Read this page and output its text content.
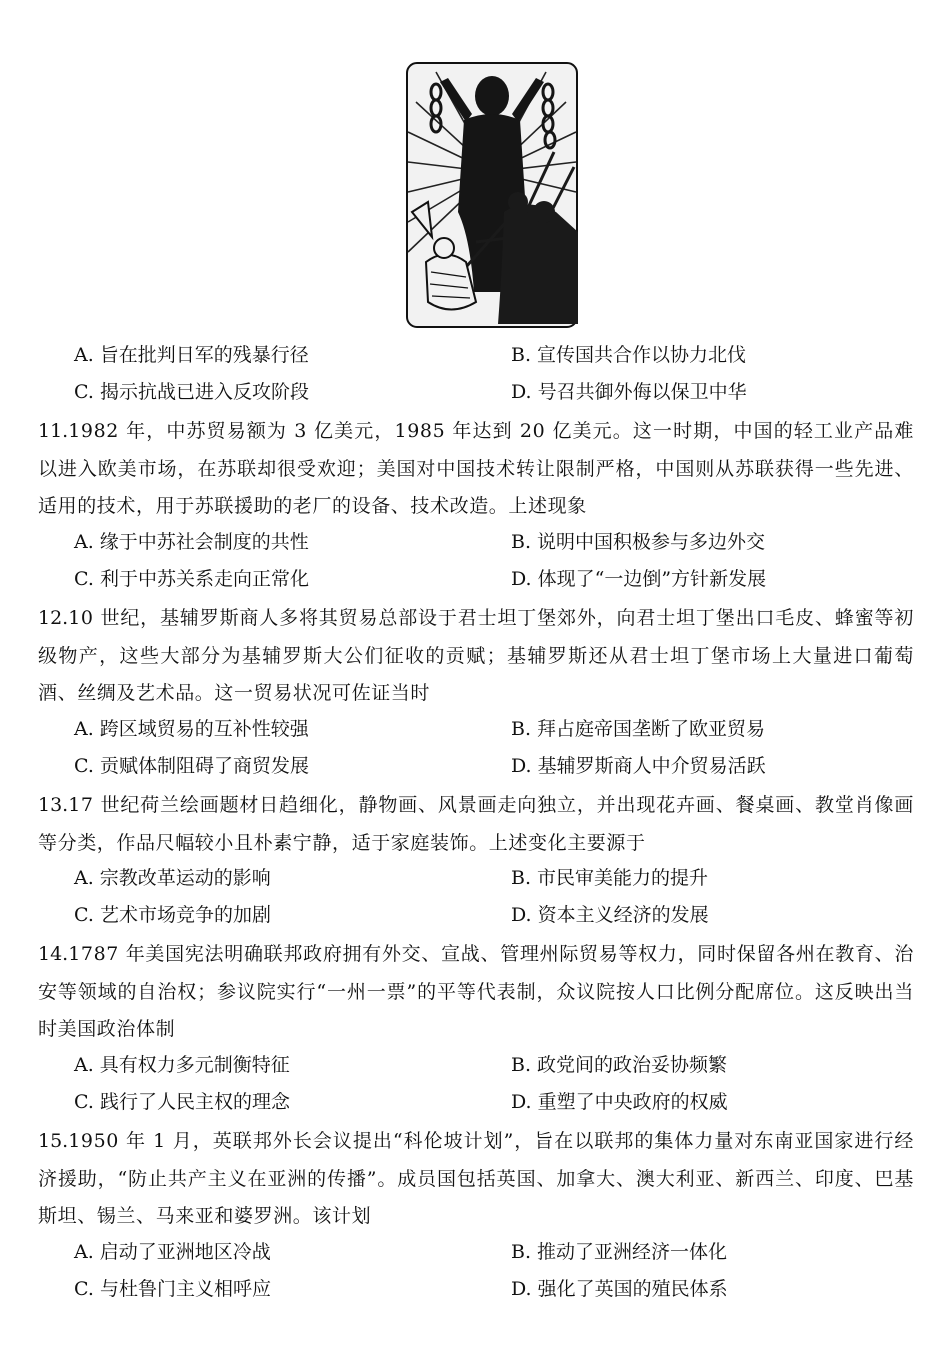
A. 旨在批判日军的残暴行径	B. 宣传国共合作以协力北伐
C. 揭示抗战已进入反攻阶段	D. 号召共御外侮以保卫中华
11.1982 年，中苏贸易额为 3 亿美元，1985 年达到 20 亿美元。这一时期，中国的轻工业产品难以进入欧美市场，在苏联却很受欢迎；美国对中国技术转让限制严格，中国则从苏联获得一些先进、适用的技术，用于苏联援助的老厂的设备、技术改造。上述现象
A. 缘于中苏社会制度的共性	B. 说明中国积极参与多边外交
C. 利于中苏关系走向正常化	D. 体现了“一边倒”方针新发展
12.10 世纪，基辅罗斯商人多将其贸易总部设于君士坦丁堡郊外，向君士坦丁堡出口毛皮、蜂蜜等初级物产，这些大部分为基辅罗斯大公们征收的贡赋；基辅罗斯还从君士坦丁堡市场上大量进口葡萄酒、丝绸及艺术品。这一贸易状况可佐证当时
A. 跨区域贸易的互补性较强	B. 拜占庭帝国垄断了欧亚贸易
C. 贡赋体制阻碍了商贸发展	D. 基辅罗斯商人中介贸易活跃
13.17 世纪荷兰绘画题材日趋细化，静物画、风景画走向独立，并出现花卉画、餐桌画、教堂肖像画等分类，作品尺幅较小且朴素宁静，适于家庭装饰。上述变化主要源于
A. 宗教改革运动的影响	B. 市民审美能力的提升
C. 艺术市场竞争的加剧	D. 资本主义经济的发展
14.1787 年美国宪法明确联邦政府拥有外交、宣战、管理州际贸易等权力，同时保留各州在教育、治安等领域的自治权；参议院实行“一州一票”的平等代表制，众议院按人口比例分配席位。这反映出当时美国政治体制
A. 具有权力多元制衡特征	B. 政党间的政治妥协频繁
C. 践行了人民主权的理念	D. 重塑了中央政府的权威
15.1950 年 1 月，英联邦外长会议提出“科伦坡计划”，旨在以联邦的集体力量对东南亚国家进行经济援助，“防止共产主义在亚洲的传播”。成员国包括英国、加拿大、澳大利亚、新西兰、印度、巴基斯坦、锡兰、马来亚和婆罗洲。该计划
A. 启动了亚洲地区冷战	B. 推动了亚洲经济一体化
C. 与杜鲁门主义相呼应	D. 强化了英国的殖民体系
